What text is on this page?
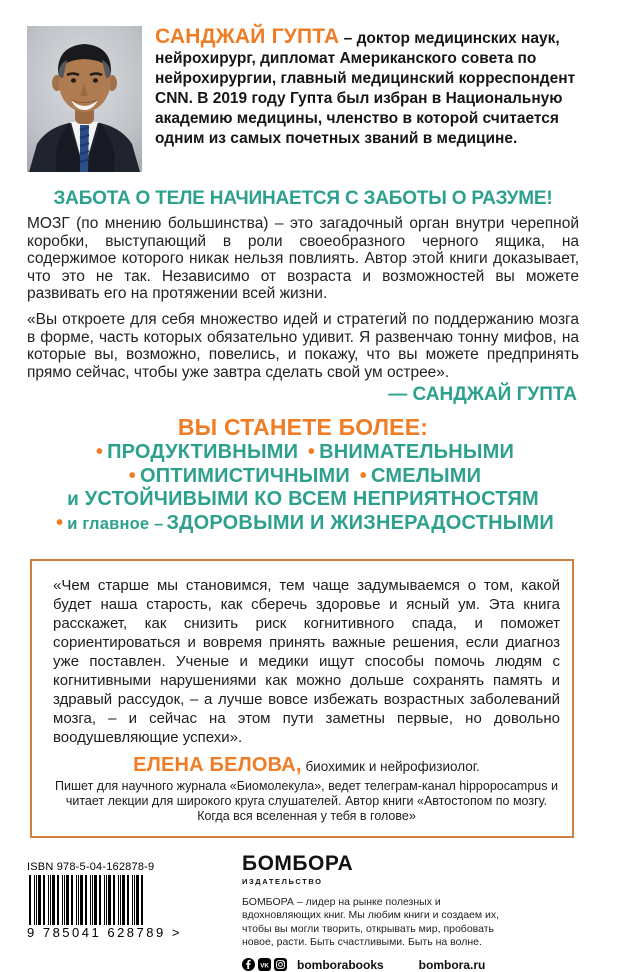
САНДЖАЙ ГУПТА – доктор медицинских наук, нейрохирург, дипломат Американского совета по нейрохирургии, главный медицинский корреспондент CNN. В 2019 году Гупта был избран в Национальную академию медицины, членство в которой считается одним из самых почетных званий в медицине.

ЗАБОТА О ТЕЛЕ НАЧИНАЕТСЯ С ЗАБОТЫ О РАЗУМЕ!

МОЗГ (по мнению большинства) – это загадочный орган внутри черепной коробки, выступающий в роли своеобразного черного ящика, на содержимое которого никак нельзя повлиять. Автор этой книги доказывает, что это не так. Независимо от возраста и возможностей вы можете развивать его на протяжении всей жизни.

«Вы откроете для себя множество идей и стратегий по поддержанию мозга в форме, часть которых обязательно удивит. Я развенчаю тонну мифов, на которые вы, возможно, повелись, и покажу, что вы можете предпринять прямо сейчас, чтобы уже завтра сделать свой ум острее».

— САНДЖАЙ ГУПТА

ВЫ СТАНЕТЕ БОЛЕЕ:
• ПРОДУКТИВНЫМИ • ВНИМАТЕЛЬНЫМИ
• ОПТИМИСТИЧНЫМИ • СМЕЛЫМИ
и УСТОЙЧИВЫМИ КО ВСЕМ НЕПРИЯТНОСТЯМ
• и главное – ЗДОРОВЫМИ И ЖИЗНЕРАДОСТНЫМИ

«Чем старше мы становимся, тем чаще задумываемся о том, какой будет наша старость, как сберечь здоровье и ясный ум. Эта книга расскажет, как снизить риск когнитивного спада, и поможет сориентироваться и вовремя принять важные решения, если диагноз уже поставлен. Ученые и медики ищут способы помочь людям с когнитивными нарушениями как можно дольше сохранять память и здравый рассудок, – а лучше вовсе избежать возрастных заболеваний мозга, – и сейчас на этом пути заметны первые, но довольно воодушевляющие успехи».

ЕЛЕНА БЕЛОВА, биохимик и нейрофизиолог.

Пишет для научного журнала «Биомолекула», ведет телеграм-канал hippopocampus и читает лекции для широкого круга слушателей. Автор книги «Автостопом по мозгу. Когда вся вселенная у тебя в голове»

ISBN 978-5-04-162878-9
9 785041 628789 >
БОМБОРА
ИЗДАТЕЛЬСТВО

БОМБОРА – лидер на рынке полезных и вдохновляющих книг. Мы любим книги и создаем их, чтобы вы могли творить, открывать мир, пробовать новое, расти. Быть счастливыми. Быть на волне.

VK bomborabooks	bombora.ru
